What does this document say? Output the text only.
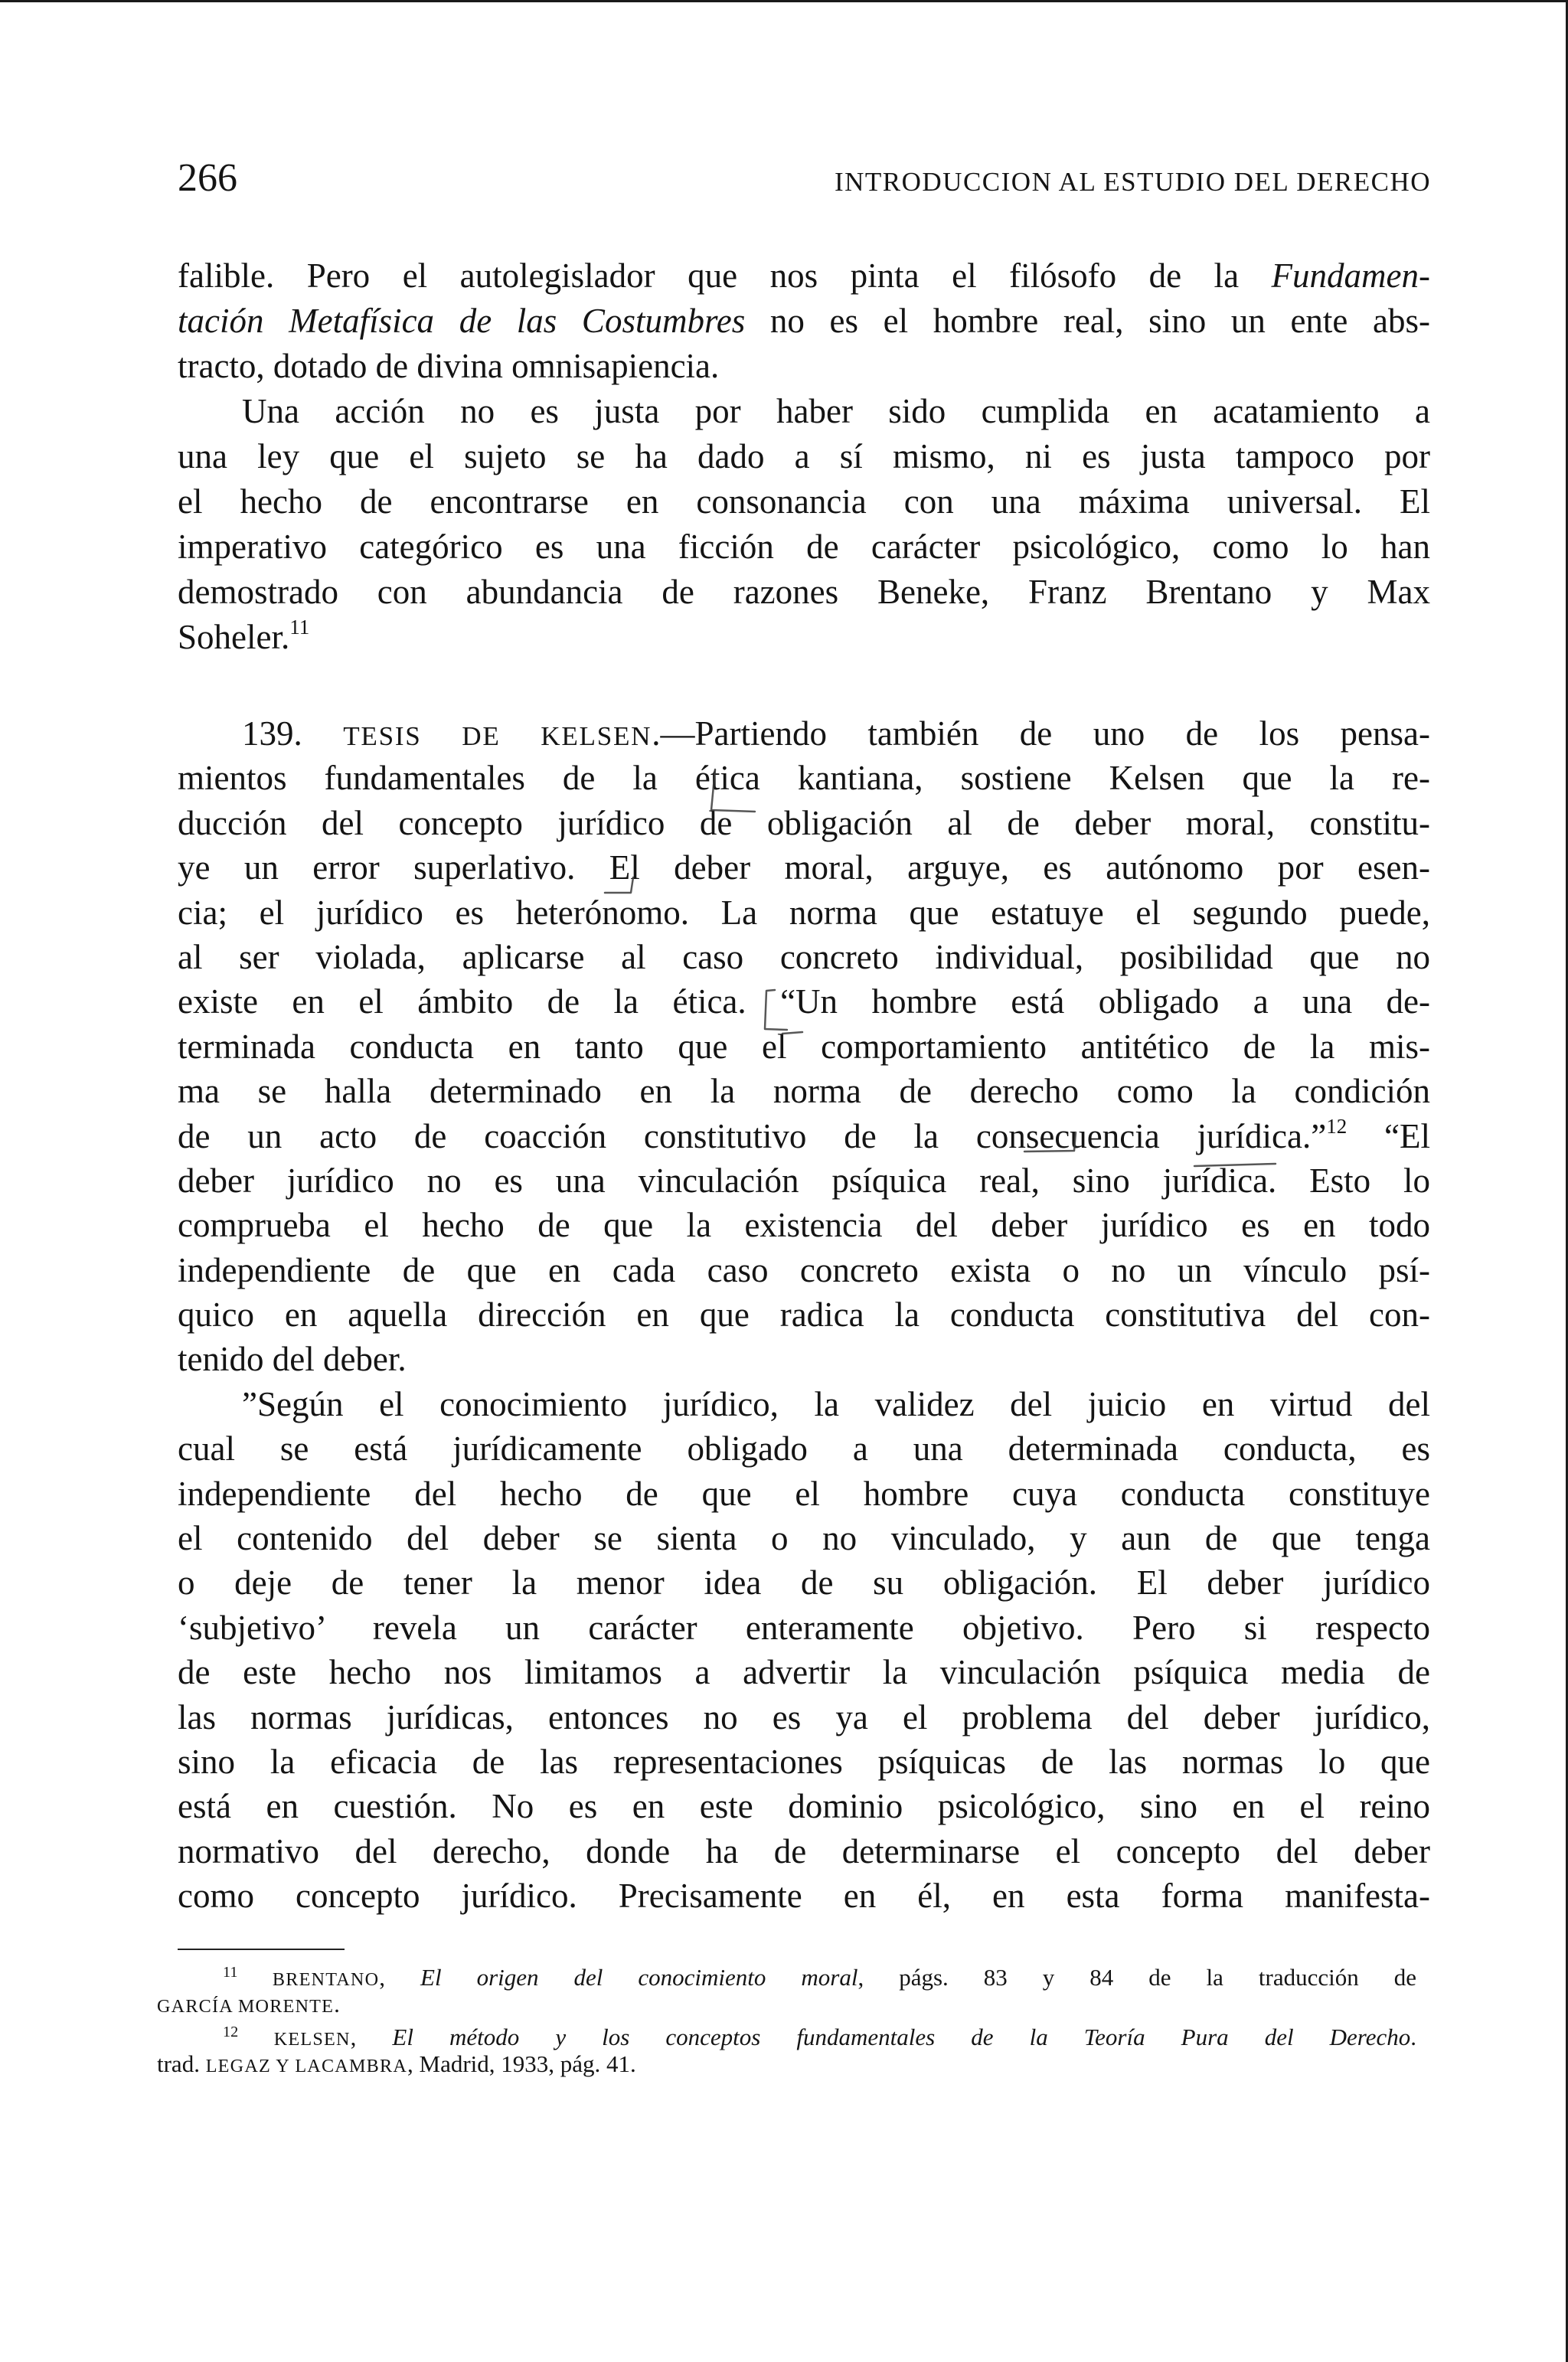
266	INTRODUCCION AL ESTUDIO DEL DERECHO
falible. Pero el autolegislador que nos pinta el filósofo de la Fundamen-
tación Metafísica de las Costumbres no es el hombre real, sino un ente abs-
tracto, dotado de divina omnisapiencia.
Una acción no es justa por haber sido cumplida en acatamiento a
una ley que el sujeto se ha dado a sí mismo, ni es justa tampoco por
el hecho de encontrarse en consonancia con una máxima universal. El
imperativo categórico es una ficción de carácter psicológico, como lo han
demostrado con abundancia de razones Beneke, Franz Brentano y Max
Soheler.$^{11}$
139. TESIS DE KELSEN.—Partiendo también de uno de los pensa-
mientos fundamentales de la ética kantiana, sostiene Kelsen que la re-
ducción del concepto jurídico de obligación al de deber moral, constitu-
ye un error superlativo. El deber moral, arguye, es autónomo por esen-
cia; el jurídico es heterónomo. La norma que estatuye el segundo puede,
al ser violada, aplicarse al caso concreto individual, posibilidad que no
existe en el ámbito de la ética. “Un hombre está obligado a una de-
terminada conducta en tanto que el comportamiento antitético de la mis-
ma se halla determinado en la norma de derecho como la condición
de un acto de coacción constitutivo de la consecuencia jurídica.”$^{12}$ “El
deber jurídico no es una vinculación psíquica real, sino jurídica. Esto lo
comprueba el hecho de que la existencia del deber jurídico es en todo
independiente de que en cada caso concreto exista o no un vínculo psí-
quico en aquella dirección en que radica la conducta constitutiva del con-
tenido del deber.
”Según el conocimiento jurídico, la validez del juicio en virtud del
cual se está jurídicamente obligado a una determinada conducta, es
independiente del hecho de que el hombre cuya conducta constituye
el contenido del deber se sienta o no vinculado, y aun de que tenga
o deje de tener la menor idea de su obligación. El deber jurídico
‘subjetivo’ revela un carácter enteramente objetivo. Pero si respecto
de este hecho nos limitamos a advertir la vinculación psíquica media de
las normas jurídicas, entonces no es ya el problema del deber jurídico,
sino la eficacia de las representaciones psíquicas de las normas lo que
está en cuestión. No es en este dominio psicológico, sino en el reino
normativo del derecho, donde ha de determinarse el concepto del deber
como concepto jurídico. Precisamente en él, en esta forma manifesta-
$^{11}$ BRENTANO, El origen del conocimiento moral, págs. 83 y 84 de la traducción de
GARCÍA MORENTE.
$^{12}$ KELSEN, El método y los conceptos fundamentales de la Teoría Pura del Derecho.
trad. LEGAZ Y LACAMBRA, Madrid, 1933, pág. 41.
